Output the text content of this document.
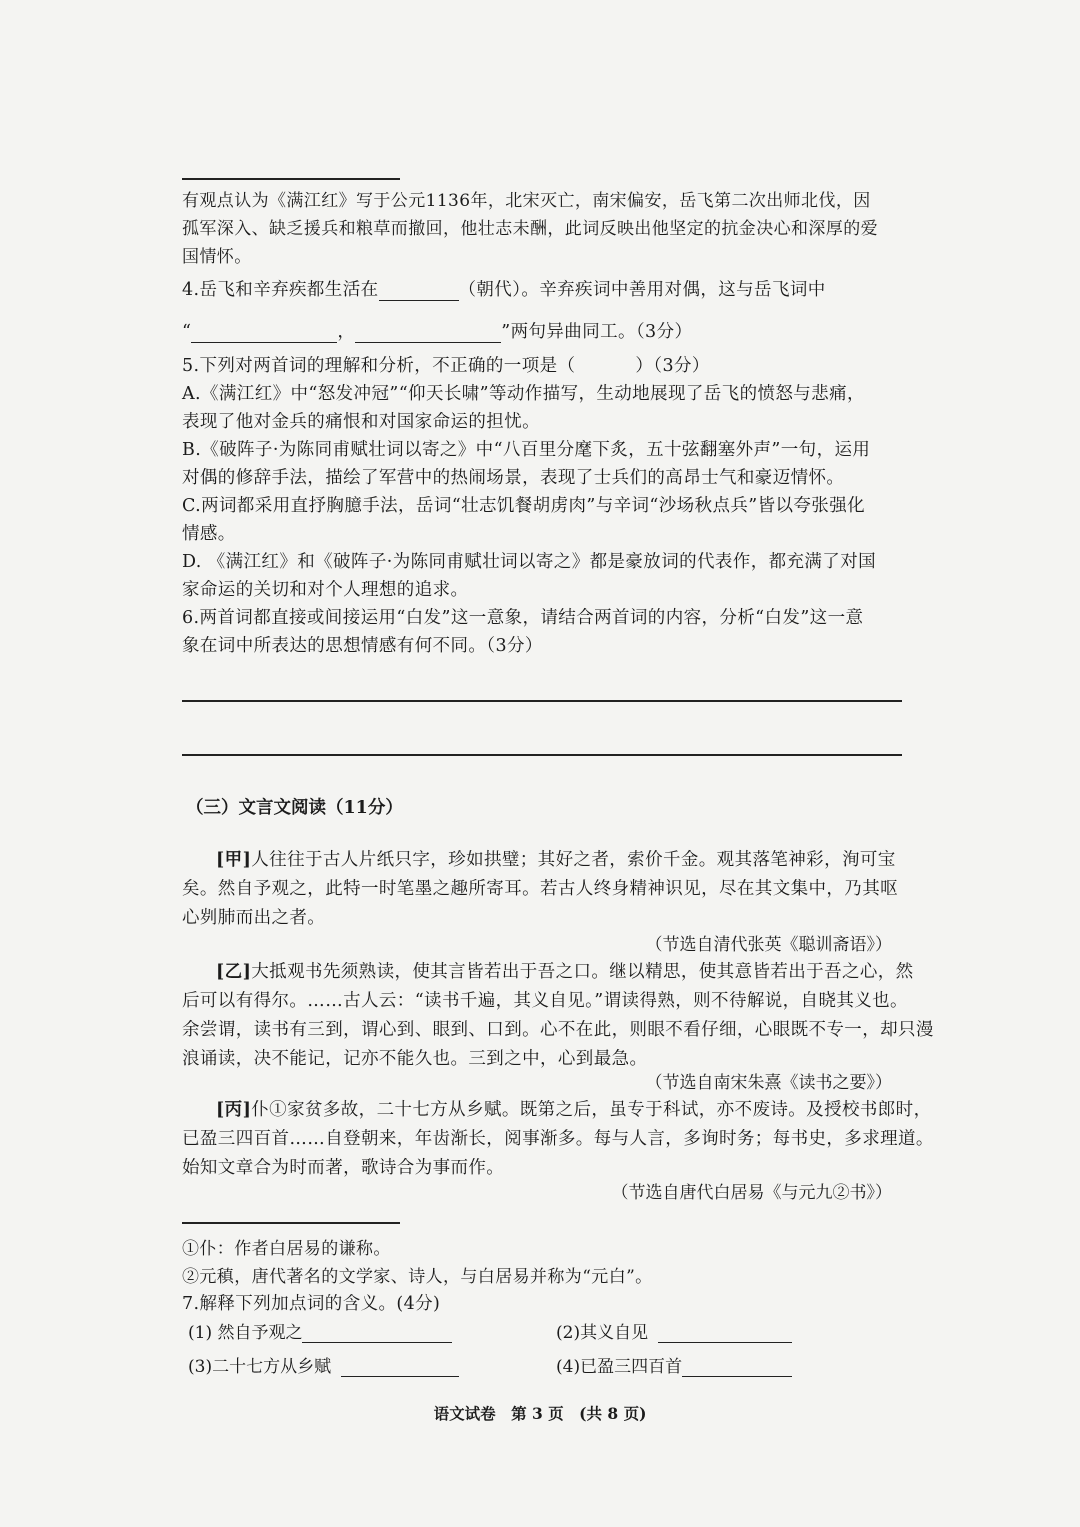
有观点认为《满江红》写于公元1136年，北宋灭亡，南宋偏安，岳飞第二次出师北伐，因
孤军深入、缺乏援兵和粮草而撤回，他壮志未酬，此词反映出他坚定的抗金决心和深厚的爱
国情怀。
4.岳飞和辛弃疾都生活在	（朝代）。辛弃疾词中善用对偶，这与岳飞词中
“	，	”两句异曲同工。（3分）
5.下列对两首词的理解和分析，不正确的一项是（	）（3分）
A.《满江红》中“怒发冲冠”“仰天长啸”等动作描写，生动地展现了岳飞的愤怒与悲痛，
表现了他对金兵的痛恨和对国家命运的担忧。
B.《破阵子·为陈同甫赋壮词以寄之》中“八百里分麾下炙，五十弦翻塞外声”一句，运用
对偶的修辞手法，描绘了军营中的热闹场景，表现了士兵们的高昂士气和豪迈情怀。
C.两词都采用直抒胸臆手法，岳词“壮志饥餐胡虏肉”与辛词“沙场秋点兵”皆以夸张强化
情感。
D. 《满江红》和《破阵子·为陈同甫赋壮词以寄之》都是豪放词的代表作，都充满了对国
家命运的关切和对个人理想的追求。
6.两首词都直接或间接运用“白发”这一意象，请结合两首词的内容，分析“白发”这一意
象在词中所表达的思想情感有何不同。（3分）
（三）文言文阅读（11分）
[甲]人往往于古人片纸只字，珍如拱璧；其好之者，索价千金。观其落笔神彩，洵可宝
矣。然自予观之，此特一时笔墨之趣所寄耳。若古人终身精神识见，尽在其文集中，乃其呕
心刿肺而出之者。
（节选自清代张英《聪训斋语》）
[乙]大抵观书先须熟读，使其言皆若出于吾之口。继以精思，使其意皆若出于吾之心，然
后可以有得尔。……古人云：“读书千遍，其义自见。”谓读得熟，则不待解说，自晓其义也。
余尝谓，读书有三到，谓心到、眼到、口到。心不在此，则眼不看仔细，心眼既不专一，却只漫
浪诵读，决不能记，记亦不能久也。三到之中，心到最急。
（节选自南宋朱熹《读书之要》）
[丙]仆①家贫多故，二十七方从乡赋。既第之后，虽专于科试，亦不废诗。及授校书郎时，
已盈三四百首……自登朝来，年齿渐长，阅事渐多。每与人言，多询时务；每书史，多求理道。
始知文章合为时而著，歌诗合为事而作。
（节选自唐代白居易《与元九②书》）
①仆：作者白居易的谦称。
②元稹，唐代著名的文学家、诗人，与白居易并称为“元白”。
7.解释下列加点词的含义。(4分)
(1) 然自予观之	(2)其义自见
(3)二十七方从乡赋	(4)已盈三四百首
语文试卷　第 3 页　(共 8 页)
